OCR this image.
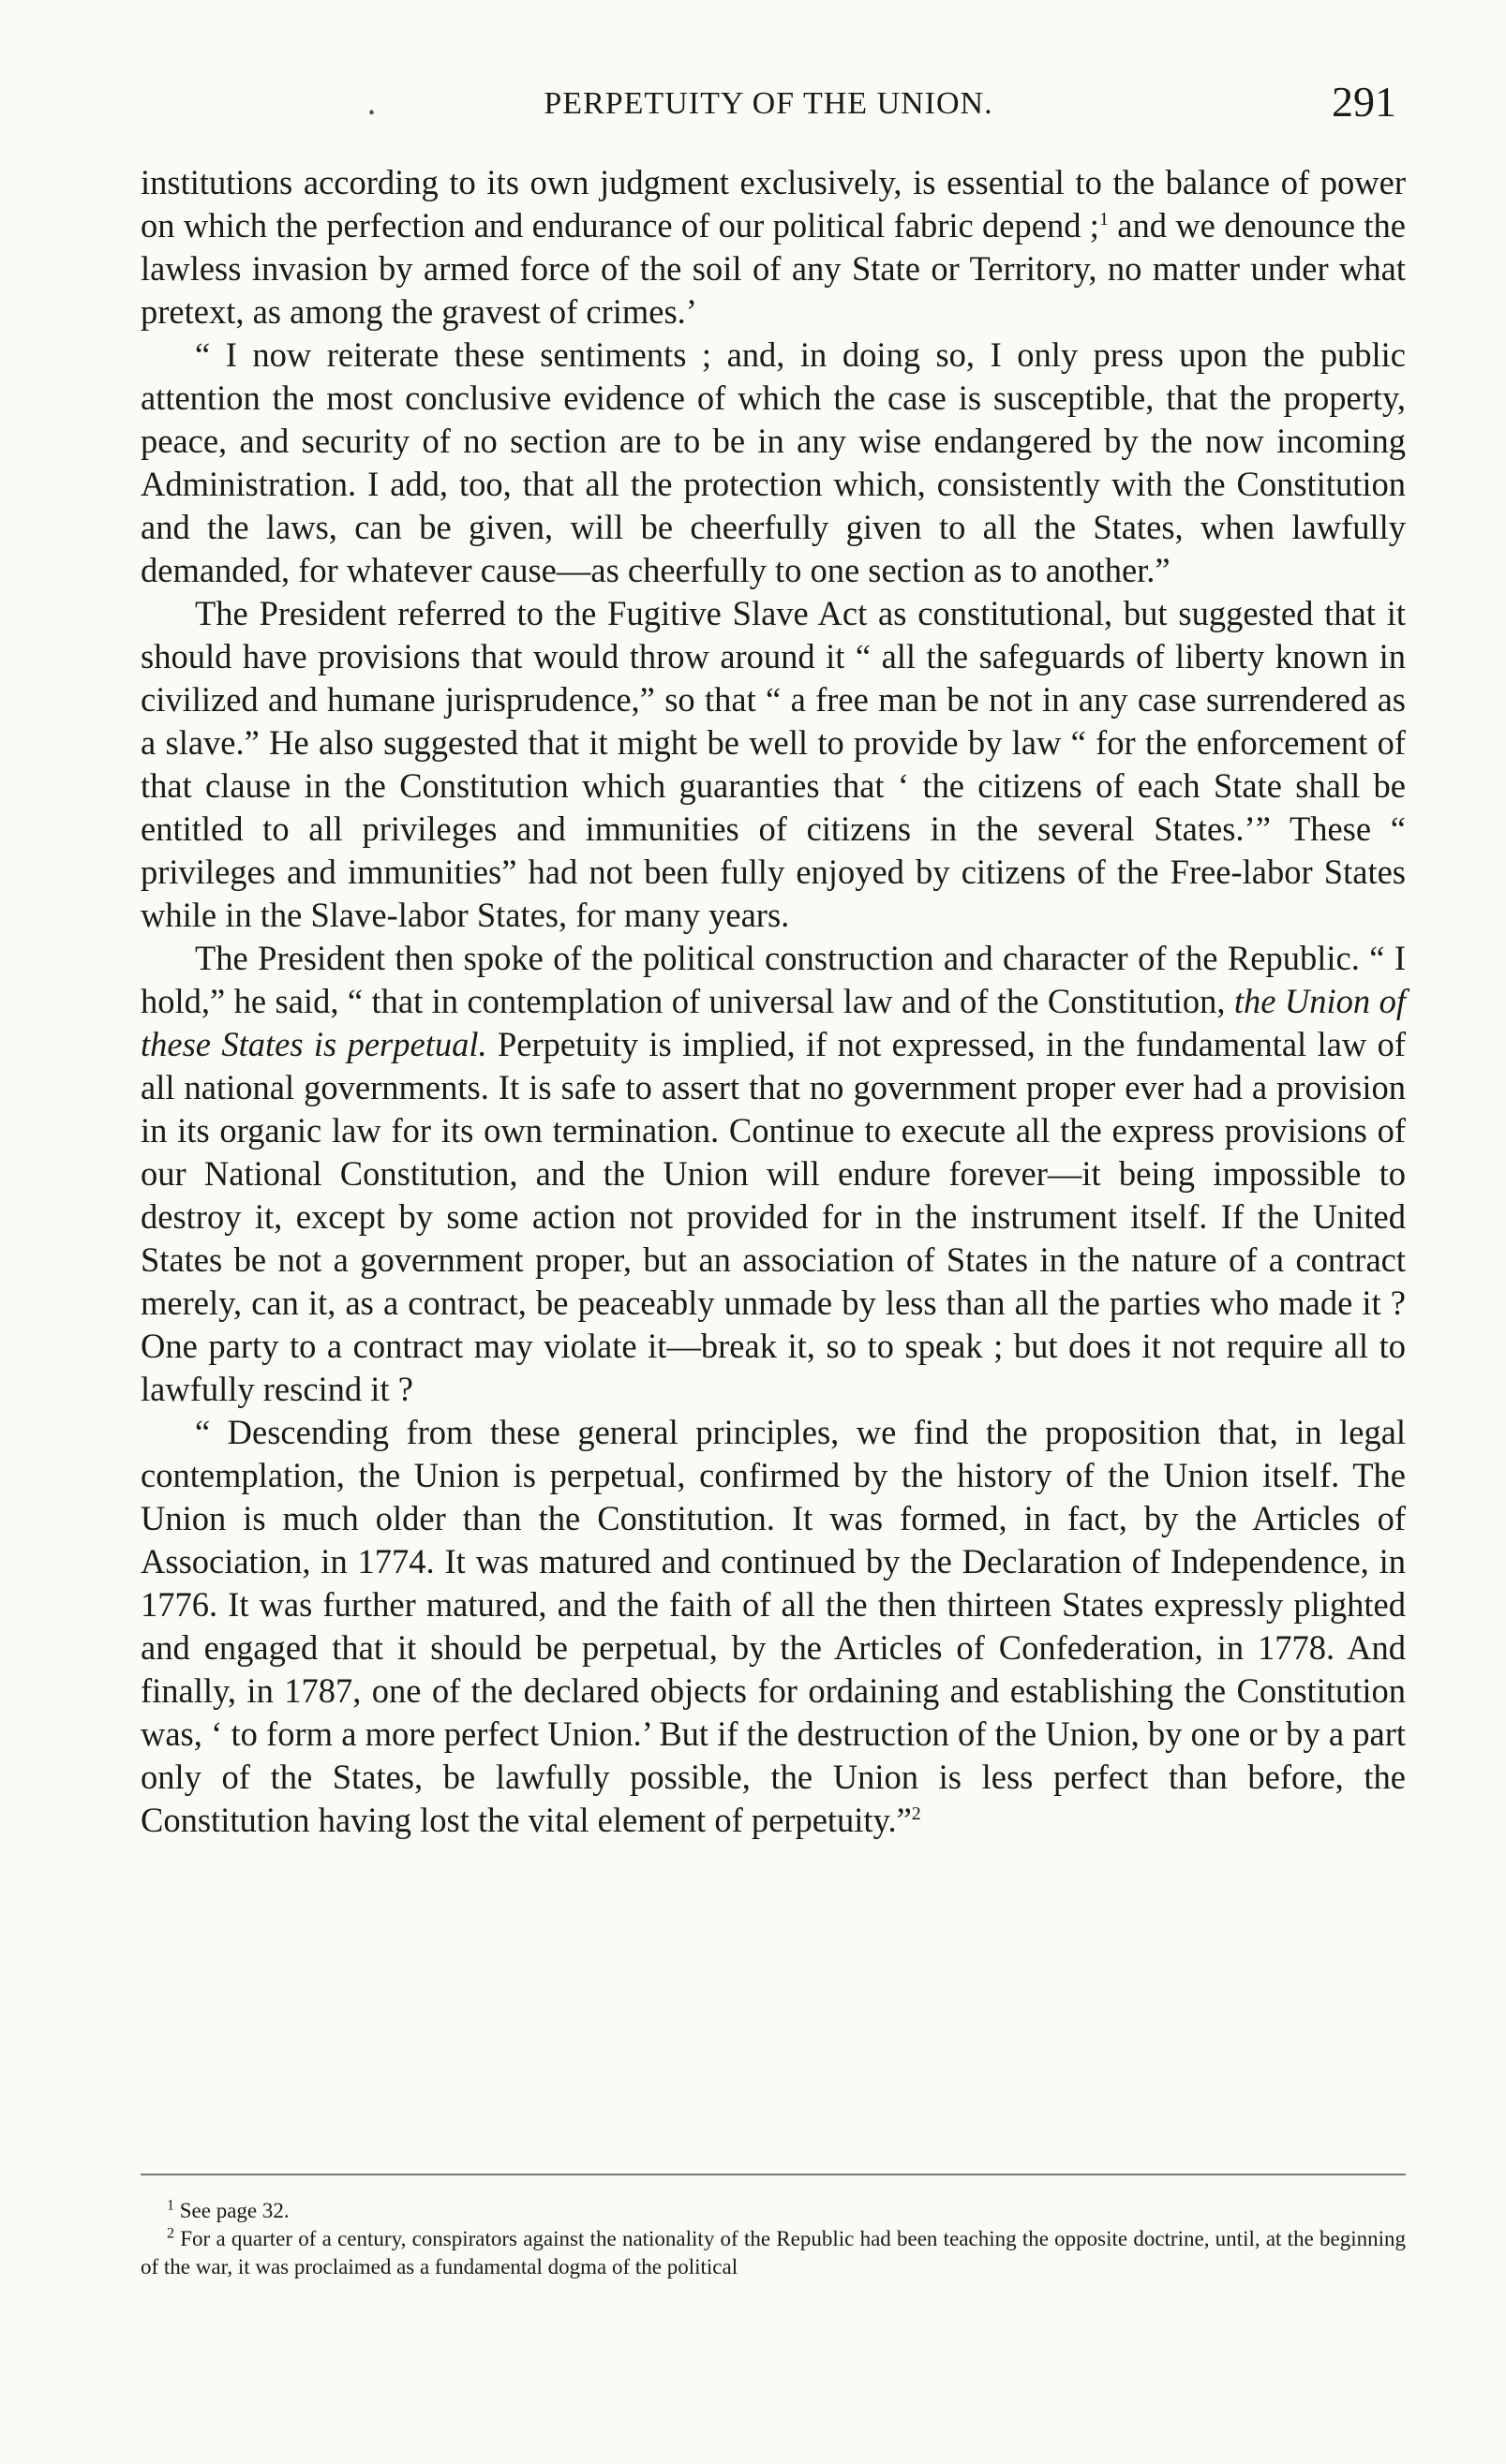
•	PERPETUITY OF THE UNION.	291

institutions according to its own judgment exclusively, is essential to the balance of power on which the perfection and endurance of our political fabric depend ;$^1$ and we denounce the lawless invasion by armed force of the soil of any State or Territory, no matter under what pretext, as among the gravest of crimes.’

“ I now reiterate these sentiments ; and, in doing so, I only press upon the public attention the most conclusive evidence of which the case is susceptible, that the property, peace, and security of no section are to be in any wise endangered by the now incoming Administration. I add, too, that all the protection which, consistently with the Constitution and the laws, can be given, will be cheerfully given to all the States, when lawfully demanded, for whatever cause—as cheerfully to one section as to another.”

The President referred to the Fugitive Slave Act as constitutional, but suggested that it should have provisions that would throw around it “ all the safeguards of liberty known in civilized and humane jurisprudence,” so that “ a free man be not in any case surrendered as a slave.” He also suggested that it might be well to provide by law “ for the enforcement of that clause in the Constitution which guaranties that ‘ the citizens of each State shall be entitled to all privileges and immunities of citizens in the several States.’” These “ privileges and immunities” had not been fully enjoyed by citizens of the Free-labor States while in the Slave-labor States, for many years.

The President then spoke of the political construction and character of the Republic. “ I hold,” he said, “ that in contemplation of universal law and of the Constitution, the Union of these States is perpetual. Perpetuity is implied, if not expressed, in the fundamental law of all national governments. It is safe to assert that no government proper ever had a provision in its organic law for its own termination. Continue to execute all the express provisions of our National Constitution, and the Union will endure forever—it being impossible to destroy it, except by some action not provided for in the instrument itself. If the United States be not a government proper, but an association of States in the nature of a contract merely, can it, as a contract, be peaceably unmade by less than all the parties who made it ? One party to a contract may violate it—break it, so to speak ; but does it not require all to lawfully rescind it ?

“ Descending from these general principles, we find the proposition that, in legal contemplation, the Union is perpetual, confirmed by the history of the Union itself. The Union is much older than the Constitution. It was formed, in fact, by the Articles of Association, in 1774. It was matured and continued by the Declaration of Independence, in 1776. It was further matured, and the faith of all the then thirteen States expressly plighted and engaged that it should be perpetual, by the Articles of Confederation, in 1778. And finally, in 1787, one of the declared objects for ordaining and establishing the Constitution was, ‘ to form a more perfect Union.’ But if the destruction of the Union, by one or by a part only of the States, be lawfully possible, the Union is less perfect than before, the Constitution having lost the vital element of perpetuity.”$^2$

$^1$ See page 32.

$^2$ For a quarter of a century, conspirators against the nationality of the Republic had been teaching the opposite doctrine, until, at the beginning of the war, it was proclaimed as a fundamental dogma of the political
